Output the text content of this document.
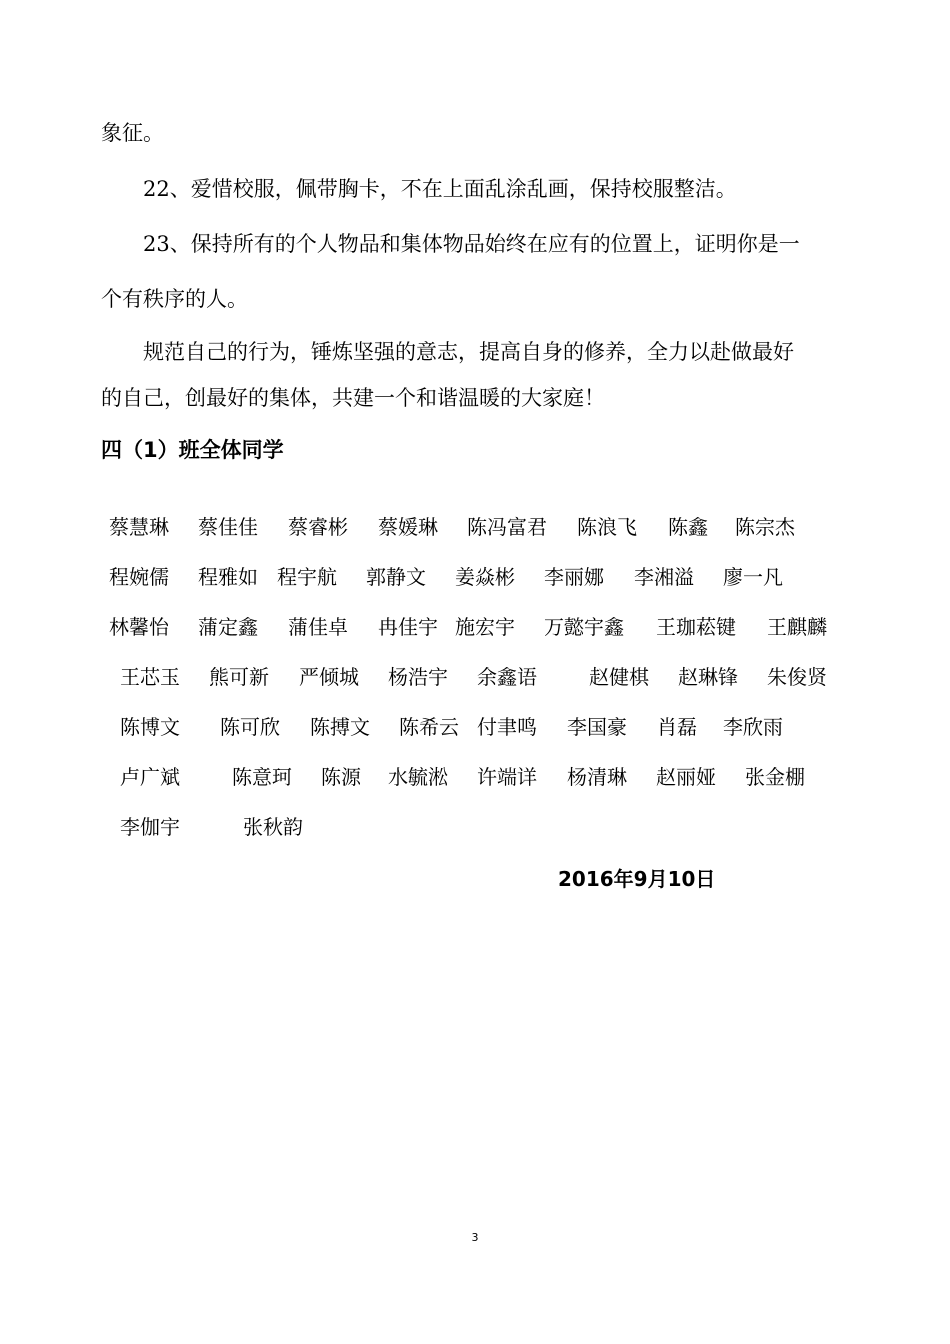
象征。

22、爱惜校服，佩带胸卡，不在上面乱涂乱画，保持校服整洁。

23、保持所有的个人物品和集体物品始终在应有的位置上，证明你是一

个有秩序的人。

规范自己的行为，锤炼坚强的意志，提高自身的修养，全力以赴做最好

的自己，创最好的集体，共建一个和谐温暖的大家庭！

四（1）班全体同学
蔡慧琳 蔡佳佳 蔡睿彬 蔡媛琳 陈冯富君 陈浪飞 陈鑫 陈宗杰
程婉儒 程雅如 程宇航 郭静文 姜焱彬 李丽娜 李湘溢 廖一凡
林馨怡 蒲定鑫 蒲佳卓 冉佳宇 施宏宇 万懿宇鑫 王珈菘键 王麒麟
王芯玉 熊可新 严倾城 杨浩宇 余鑫语	赵健棋 赵琳锋 朱俊贤
陈博文 陈可欣 陈搏文 陈希云 付聿鸣 李国豪 肖磊 李欣雨
卢广斌	陈意珂 陈源 水毓淞 许端详 杨清琳 赵丽娅 张金棚
李伽宇	张秋韵
2016年9月10日
3
